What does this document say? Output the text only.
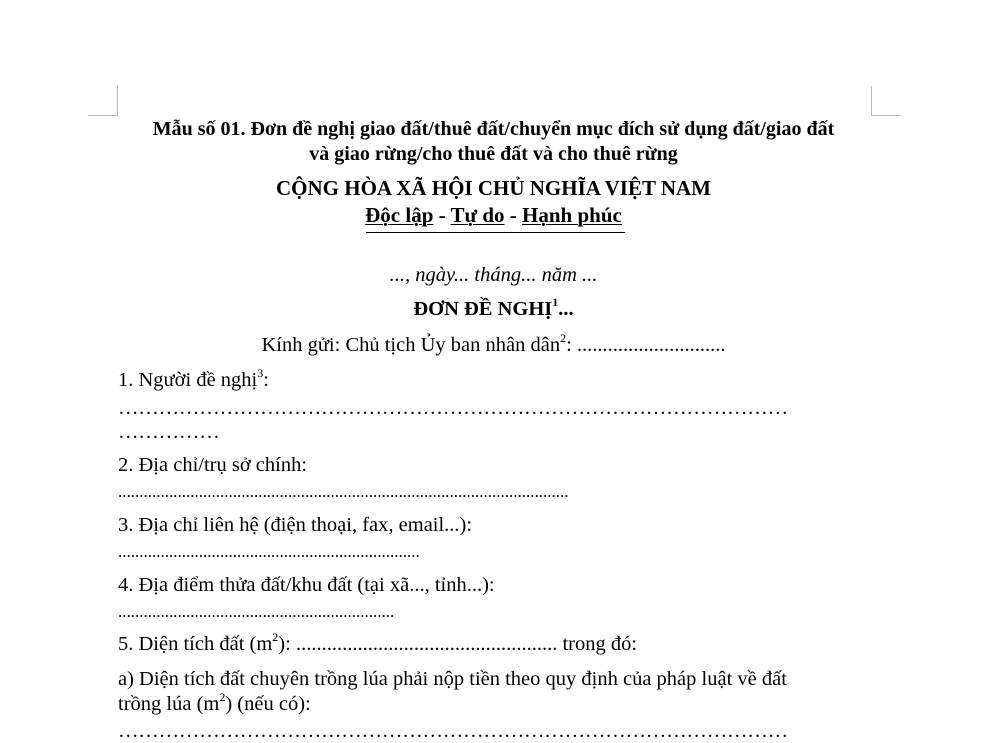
Mẫu số 01. Đơn đề nghị giao đất/thuê đất/chuyển mục đích sử dụng đất/giao đất
và giao rừng/cho thuê đất và cho thuê rừng
CỘNG HÒA XÃ HỘI CHỦ NGHĨA VIỆT NAM
Độc lập - Tự do - Hạnh phúc
..., ngày... tháng... năm ...
ĐƠN ĐỀ NGHỊ$^1$...
Kính gửi: Chủ tịch Ủy ban nhân dân$^2$: .............................
1. Người đề nghị$^3$:
………………………………………………………………………………………
……………
2. Địa chỉ/trụ sở chính:
..........................................................................................................
3. Địa chỉ liên hệ (điện thoại, fax, email...):
.......................................................................
4. Địa điểm thửa đất/khu đất (tại xã..., tỉnh...):
.................................................................
5. Diện tích đất $(m^2)$: ................................................... trong đó:
a) Diện tích đất chuyên trồng lúa phải nộp tiền theo quy định của pháp luật về đất
trồng lúa $(m^2)$ (nếu có):
………………………………………………………………………………………
